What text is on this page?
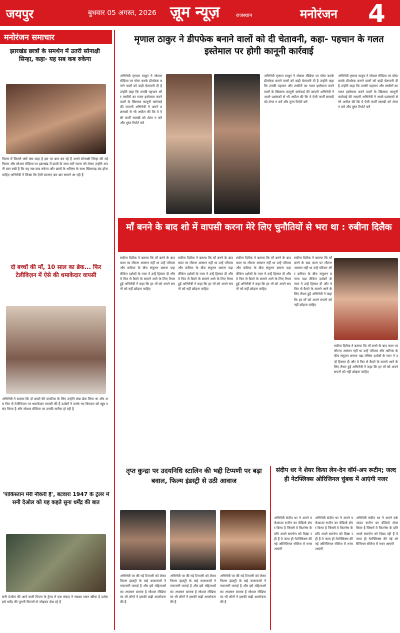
जयपुर	बुधवार 05 अगस्त, 2026 ज़ूम न्यूज़	राजस्थान	मनोरंजन 4
मनोरंजन समाचार
झारखंड छात्रों के समर्थन में उतरी सोनाक्षी सिन्हा, कहा- यह सब कब रुकेगा
फिल्म में किसने क्यों क्या कहा है इस पर बात कर रहे हैं अपने सोनाक्षी सिन्हा की नई फिल्म और सोशल मीडिया पर झारखंड में छात्रों के साथ घटी घटना को लेकर उन्होंने अपनी बात रखी है कि यह सब कब रुकेगा और छात्रों के भविष्य के साथ खिलवाड़ बंद होना चाहिए अभिनेत्री ने लिखा कि ऐसी घटनाएं बार बार सामने आ रही हैं
दो बच्चों की माँ, 10 साल का ब्रेक... फिर टेलीविज़न में ऐसे की धमाकेदार वापसी
अभिनेत्री ने बताया कि दो बच्चों की परवरिश के लिए उन्होंने लंबा ब्रेक लिया था और अब फिर से टेलीविज़न पर धमाकेदार वापसी की है दर्शकों ने उनके नए किरदार को खूब पसंद किया है और सोशल मीडिया पर उनकी तारीफ हो रही है
'पाकिस्तान मेरी नौकरी है', बटवारा 1947 के ट्रेलर में सनी देओल को यह कहते सुना धर्मेंद्र की बात
सनी देओल की आने वाली फिल्म के ट्रेलर में एक संवाद ने सबका ध्यान खींचा है दर्शक इसे धर्मेंद्र की पुरानी फिल्मों से जोड़कर देख रहे हैं
मृणाल ठाकुर ने डीपफेक बनाने वालों को दी चेतावनी, कहा- पहचान के गलत इस्तेमाल पर होगी कानूनी कार्रवाई
अभिनेत्री मृणाल ठाकुर ने सोशल मीडिया पर पोस्ट करके डीपफेक बनाने वालों को कड़ी चेतावनी दी है उन्होंने कहा कि उनकी पहचान और तस्वीरों का गलत इस्तेमाल करने वालों के खिलाफ कानूनी कार्रवाई की जाएगी अभिनेत्री ने अपने प्रशंसकों से भी अपील की कि वे ऐसी फर्जी सामग्री को शेयर न करें और तुरंत रिपोर्ट करें
अभिनेत्री मृणाल ठाकुर ने सोशल मीडिया पर पोस्ट करके डीपफेक बनाने वालों को कड़ी चेतावनी दी है उन्होंने कहा कि उनकी पहचान और तस्वीरों का गलत इस्तेमाल करने वालों के खिलाफ कानूनी कार्रवाई की जाएगी अभिनेत्री ने अपने प्रशंसकों से भी अपील की कि वे ऐसी फर्जी सामग्री को शेयर न करें और तुरंत रिपोर्ट करें
अभिनेत्री मृणाल ठाकुर ने सोशल मीडिया पर पोस्ट करके डीपफेक बनाने वालों को कड़ी चेतावनी दी है उन्होंने कहा कि उनकी पहचान और तस्वीरों का गलत इस्तेमाल करने वालों के खिलाफ कानूनी कार्रवाई की जाएगी अभिनेत्री ने अपने प्रशंसकों से भी अपील की कि वे ऐसी फर्जी सामग्री को शेयर न करें और तुरंत रिपोर्ट करें
माँ बनने के बाद शो में वापसी करना मेरे लिए चुनौतियों से भरा था : रुबीना दिलैक
रुबीना दिलैक ने बताया कि माँ बनने के बाद काम पर लौटना आसान नहीं था उन्हें परिवार और करियर के बीच संतुलन बनाना पड़ा लेकिन दर्शकों के प्यार ने उन्हें हिम्मत दी और वे फिर से कैमरे के सामने आने के लिए तैयार हुईं अभिनेत्री ने कहा कि हर माँ को अपने सपनों को नहीं छोड़ना चाहिए
रुबीना दिलैक ने बताया कि माँ बनने के बाद काम पर लौटना आसान नहीं था उन्हें परिवार और करियर के बीच संतुलन बनाना पड़ा लेकिन दर्शकों के प्यार ने उन्हें हिम्मत दी और वे फिर से कैमरे के सामने आने के लिए तैयार हुईं अभिनेत्री ने कहा कि हर माँ को अपने सपनों को नहीं छोड़ना चाहिए
रुबीना दिलैक ने बताया कि माँ बनने के बाद काम पर लौटना आसान नहीं था उन्हें परिवार और करियर के बीच संतुलन बनाना पड़ा लेकिन दर्शकों के प्यार ने उन्हें हिम्मत दी और वे फिर से कैमरे के सामने आने के लिए तैयार हुईं अभिनेत्री ने कहा कि हर माँ को अपने सपनों को नहीं छोड़ना चाहिए
रुबीना दिलैक ने बताया कि माँ बनने के बाद काम पर लौटना आसान नहीं था उन्हें परिवार और करियर के बीच संतुलन बनाना पड़ा लेकिन दर्शकों के प्यार ने उन्हें हिम्मत दी और वे फिर से कैमरे के सामने आने के लिए तैयार हुईं अभिनेत्री ने कहा कि हर माँ को अपने सपनों को नहीं छोड़ना चाहिए
रुबीना दिलैक ने बताया कि माँ बनने के बाद काम पर लौटना आसान नहीं था उन्हें परिवार और करियर के बीच संतुलन बनाना पड़ा लेकिन दर्शकों के प्यार ने उन्हें हिम्मत दी और वे फिर से कैमरे के सामने आने के लिए तैयार हुईं अभिनेत्री ने कहा कि हर माँ को अपने सपनों को नहीं छोड़ना चाहिए
तृप्त कुन्द्रा पर उदयनिधि स्टालिन की भद्दी टिप्पणी पर बढ़ा बवाल, फिल्म इंडस्ट्री से उठी आवाज
अभिनेत्री पर की गई टिप्पणी को लेकर फिल्म इंडस्ट्री के कई कलाकारों ने नाराजगी जताई है और इसे महिलाओं का अपमान बताया है सोशल मीडिया पर भी लोगों ने इसकी कड़ी आलोचना की है
अभिनेत्री पर की गई टिप्पणी को लेकर फिल्म इंडस्ट्री के कई कलाकारों ने नाराजगी जताई है और इसे महिलाओं का अपमान बताया है सोशल मीडिया पर भी लोगों ने इसकी कड़ी आलोचना की है
अभिनेत्री पर की गई टिप्पणी को लेकर फिल्म इंडस्ट्री के कई कलाकारों ने नाराजगी जताई है और इसे महिलाओं का अपमान बताया है सोशल मीडिया पर भी लोगों ने इसकी कड़ी आलोचना की है
संदीप धर ने शेयर किया लेन-देन वॉर्म-अप रूटीन; जल्द ही नेटफ्लिक्स ओरिजिनल चुंबक में आएंगी नजर
अभिनेत्री संदीप धर ने अपने वर्कआउट रूटीन का वीडियो शेयर किया है जिसमें वे फिटनेस के प्रति अपने समर्पण को दिखा रही हैं वे जल्द ही नेटफ्लिक्स की नई ओरिजिनल सीरीज में नजर आएंगी
अभिनेत्री संदीप धर ने अपने वर्कआउट रूटीन का वीडियो शेयर किया है जिसमें वे फिटनेस के प्रति अपने समर्पण को दिखा रही हैं वे जल्द ही नेटफ्लिक्स की नई ओरिजिनल सीरीज में नजर आएंगी
अभिनेत्री संदीप धर ने अपने वर्कआउट रूटीन का वीडियो शेयर किया है जिसमें वे फिटनेस के प्रति अपने समर्पण को दिखा रही हैं वे जल्द ही नेटफ्लिक्स की नई ओरिजिनल सीरीज में नजर आएंगी
